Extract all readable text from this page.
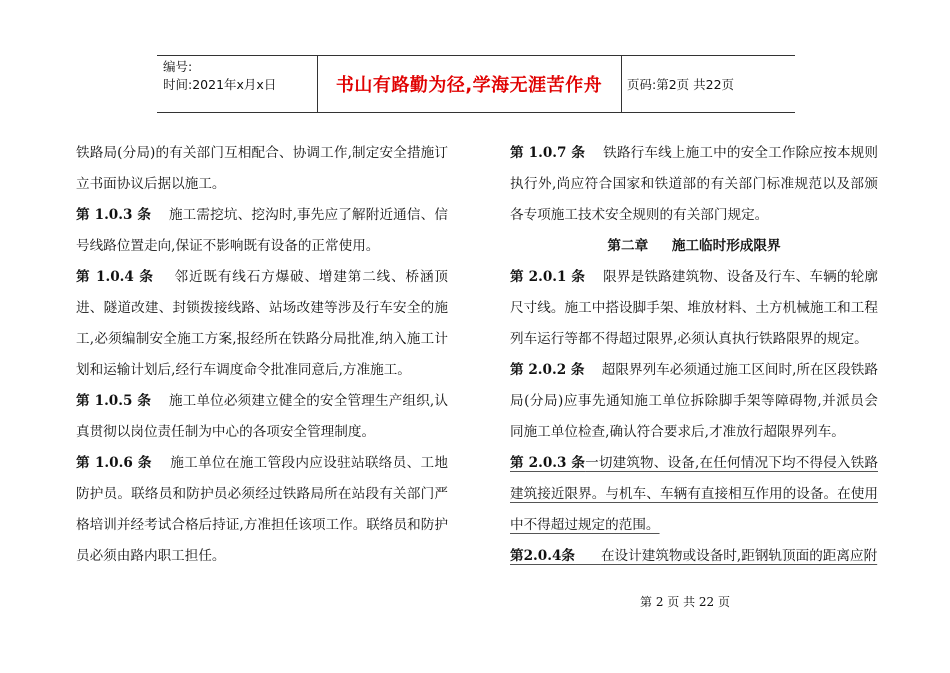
编号:
时间:2021年x月x日	书山有路勤为径,学海无涯苦作舟	页码:第2页 共22页

铁路局(分局)的有关部门互相配合、协调工作,制定安全措施订立书面协议后据以施工。

第 1.0.3 条 施工需挖坑、挖沟时,事先应了解附近通信、信号线路位置走向,保证不影响既有设备的正常使用。

第 1.0.4 条 邻近既有线石方爆破、增建第二线、桥涵顶进、隧道改建、封锁拨接线路、站场改建等涉及行车安全的施工,必须编制安全施工方案,报经所在铁路分局批准,纳入施工计划和运输计划后,经行车调度命令批准同意后,方准施工。

第 1.0.5 条 施工单位必须建立健全的安全管理生产组织,认真贯彻以岗位责任制为中心的各项安全管理制度。

第 1.0.6 条 施工单位在施工管段内应设驻站联络员、工地防护员。联络员和防护员必须经过铁路局所在站段有关部门严格培训并经考试合格后持证,方准担任该项工作。联络员和防护员必须由路内职工担任。

第 1.0.7 条 铁路行车线上施工中的安全工作除应按本规则执行外,尚应符合国家和铁道部的有关部门标准规范以及部颁各专项施工技术安全规则的有关部门规定。

第二章     施工临时形成限界

第 2.0.1 条 限界是铁路建筑物、设备及行车、车辆的轮廓尺寸线。施工中搭设脚手架、堆放材料、土方机械施工和工程列车运行等都不得超过限界,必须认真执行铁路限界的规定。

第 2.0.2 条 超限界列车必须通过施工区间时,所在区段铁路局(分局)应事先通知施工单位拆除脚手架等障碍物,并派员会同施工单位检查,确认符合要求后,才准放行超限界列车。

第 2.0.3 条一切建筑物、设备,在任何情况下均不得侵入铁路建筑接近限界。与机车、车辆有直接相互作用的设备。在使用中不得超过规定的范围。

第2.0.4条 在设计建筑物或设备时,距钢轨顶面的距离应附

第 2 页 共 22 页
